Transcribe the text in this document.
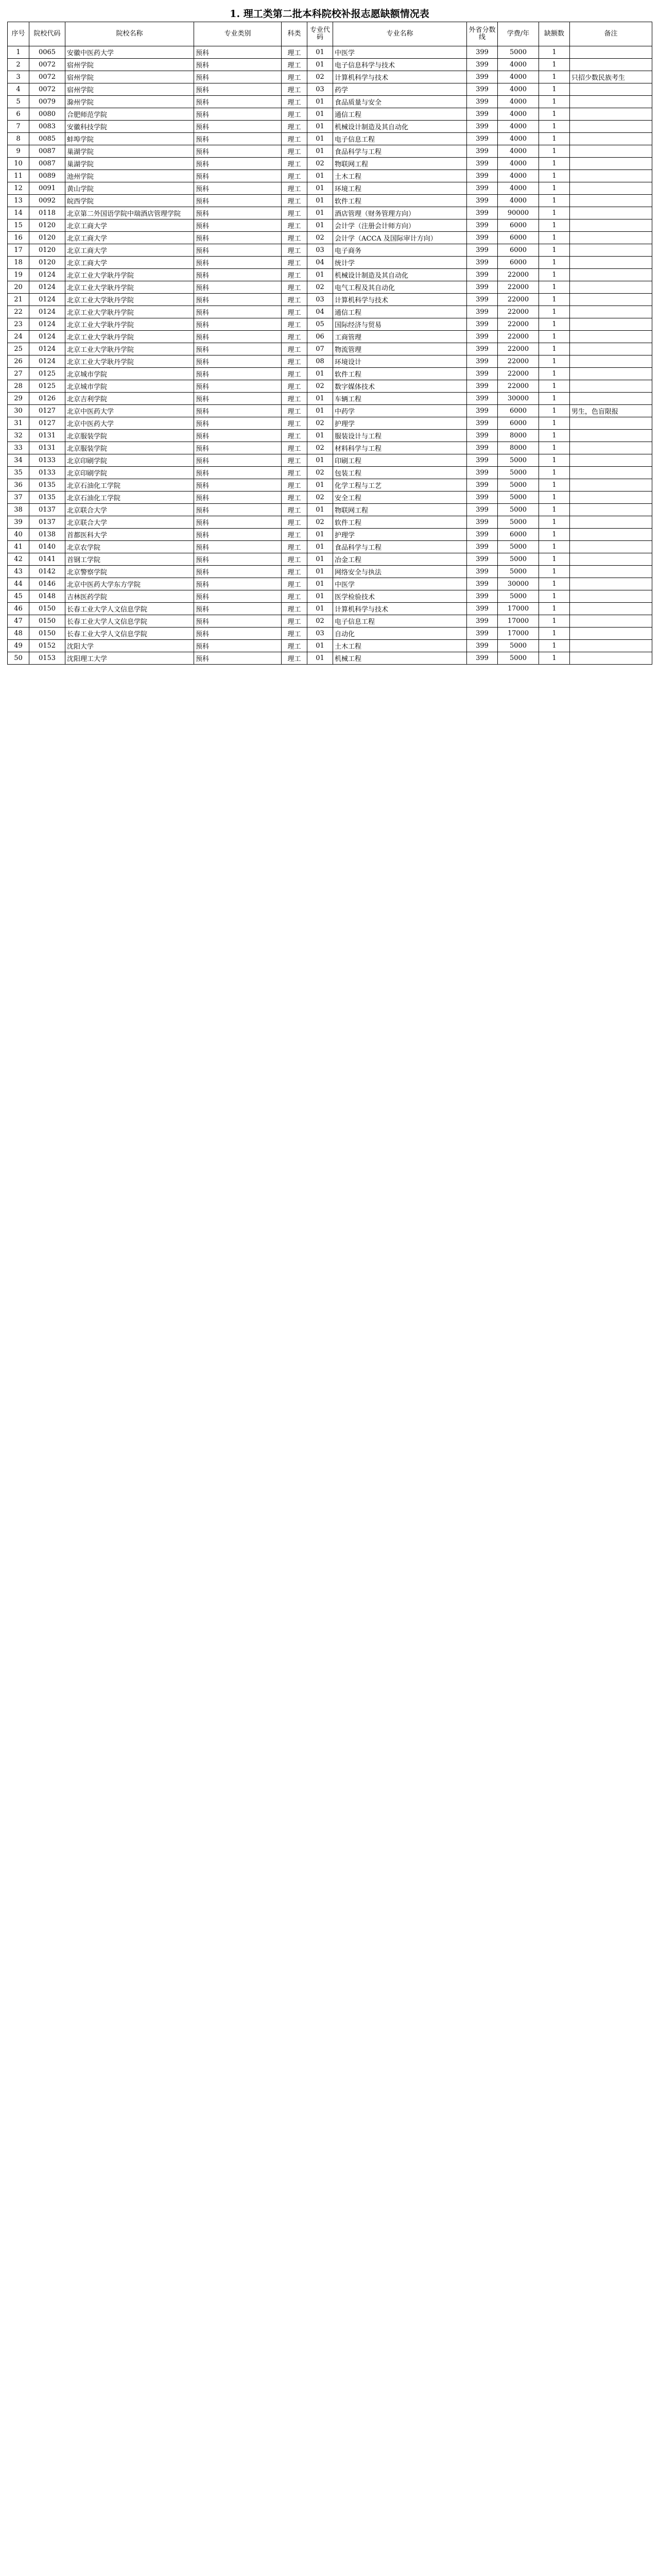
1. 理工类第二批本科院校补报志愿缺额情况表
序号	院校代码	院校名称	专业类别	科类	专业代码	专业名称	外省分数线	学费/年	缺额数	备注
1	0065	安徽中医药大学	预科	理工	01	中医学	399	5000	1	
2	0072	宿州学院	预科	理工	01	电子信息科学与技术	399	4000	1	
3	0072	宿州学院	预科	理工	02	计算机科学与技术	399	4000	1	只招少数民族考生
4	0072	宿州学院	预科	理工	03	药学	399	4000	1	
5	0079	滁州学院	预科	理工	01	食品质量与安全	399	4000	1	
6	0080	合肥师范学院	预科	理工	01	通信工程	399	4000	1	
7	0083	安徽科技学院	预科	理工	01	机械设计制造及其自动化	399	4000	1	
8	0085	蚌埠学院	预科	理工	01	电子信息工程	399	4000	1	
9	0087	巢湖学院	预科	理工	01	食品科学与工程	399	4000	1	
10	0087	巢湖学院	预科	理工	02	物联网工程	399	4000	1	
11	0089	池州学院	预科	理工	01	土木工程	399	4000	1	
12	0091	黄山学院	预科	理工	01	环境工程	399	4000	1	
13	0092	皖西学院	预科	理工	01	软件工程	399	4000	1	
14	0118	北京第二外国语学院中瑞酒店管理学院	预科	理工	01	酒店管理（财务管理方向）	399	90000	1	
15	0120	北京工商大学	预科	理工	01	会计学（注册会计师方向）	399	6000	1	
16	0120	北京工商大学	预科	理工	02	会计学（ACCA 及国际审计方向）	399	6000	1	
17	0120	北京工商大学	预科	理工	03	电子商务	399	6000	1	
18	0120	北京工商大学	预科	理工	04	统计学	399	6000	1	
19	0124	北京工业大学耿丹学院	预科	理工	01	机械设计制造及其自动化	399	22000	1	
20	0124	北京工业大学耿丹学院	预科	理工	02	电气工程及其自动化	399	22000	1	
21	0124	北京工业大学耿丹学院	预科	理工	03	计算机科学与技术	399	22000	1	
22	0124	北京工业大学耿丹学院	预科	理工	04	通信工程	399	22000	1	
23	0124	北京工业大学耿丹学院	预科	理工	05	国际经济与贸易	399	22000	1	
24	0124	北京工业大学耿丹学院	预科	理工	06	工商管理	399	22000	1	
25	0124	北京工业大学耿丹学院	预科	理工	07	物流管理	399	22000	1	
26	0124	北京工业大学耿丹学院	预科	理工	08	环境设计	399	22000	1	
27	0125	北京城市学院	预科	理工	01	软件工程	399	22000	1	
28	0125	北京城市学院	预科	理工	02	数字媒体技术	399	22000	1	
29	0126	北京吉利学院	预科	理工	01	车辆工程	399	30000	1	
30	0127	北京中医药大学	预科	理工	01	中药学	399	6000	1	男生，色盲限报
31	0127	北京中医药大学	预科	理工	02	护理学	399	6000	1	
32	0131	北京服装学院	预科	理工	01	服装设计与工程	399	8000	1	
33	0131	北京服装学院	预科	理工	02	材料科学与工程	399	8000	1	
34	0133	北京印刷学院	预科	理工	01	印刷工程	399	5000	1	
35	0133	北京印刷学院	预科	理工	02	包装工程	399	5000	1	
36	0135	北京石油化工学院	预科	理工	01	化学工程与工艺	399	5000	1	
37	0135	北京石油化工学院	预科	理工	02	安全工程	399	5000	1	
38	0137	北京联合大学	预科	理工	01	物联网工程	399	5000	1	
39	0137	北京联合大学	预科	理工	02	软件工程	399	5000	1	
40	0138	首都医科大学	预科	理工	01	护理学	399	6000	1	
41	0140	北京农学院	预科	理工	01	食品科学与工程	399	5000	1	
42	0141	首钢工学院	预科	理工	01	冶金工程	399	5000	1	
43	0142	北京警察学院	预科	理工	01	网络安全与执法	399	5000	1	
44	0146	北京中医药大学东方学院	预科	理工	01	中医学	399	30000	1	
45	0148	吉林医药学院	预科	理工	01	医学检验技术	399	5000	1	
46	0150	长春工业大学人文信息学院	预科	理工	01	计算机科学与技术	399	17000	1	
47	0150	长春工业大学人文信息学院	预科	理工	02	电子信息工程	399	17000	1	
48	0150	长春工业大学人文信息学院	预科	理工	03	自动化	399	17000	1	
49	0152	沈阳大学	预科	理工	01	土木工程	399	5000	1	
50	0153	沈阳理工大学	预科	理工	01	机械工程	399	5000	1	
